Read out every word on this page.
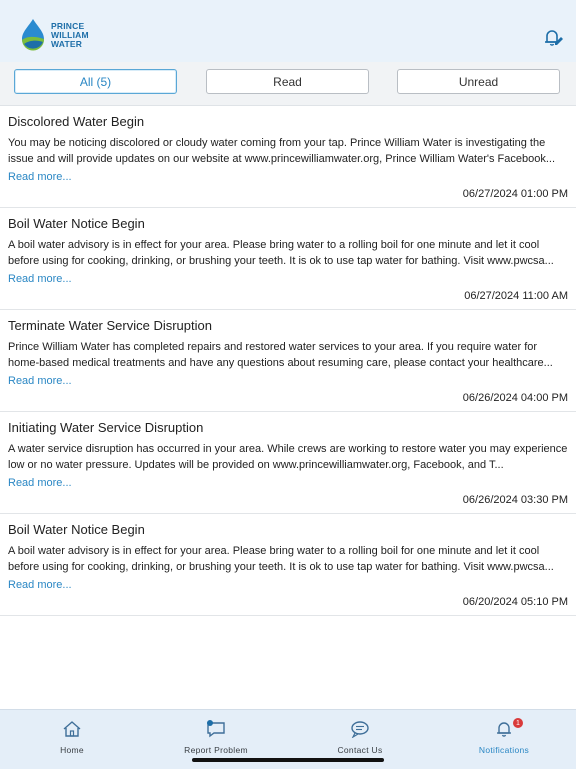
PRINCE
WILLIAM
WATER
All (5)	Read	Unread
Discolored Water Begin
You may be noticing discolored or cloudy water coming from your tap. Prince William Water is investigating the issue and will provide updates on our website at www.princewilliamwater.org, Prince William Water's Facebook...
Read more...
06/27/2024 01:00 PM
Boil Water Notice Begin
A boil water advisory is in effect for your area. Please bring water to a rolling boil for one minute and let it cool before using for cooking, drinking, or brushing your teeth. It is ok to use tap water for bathing. Visit www.pwcsa...
Read more...
06/27/2024 11:00 AM
Terminate Water Service Disruption
Prince William Water has completed repairs and restored water services to your area. If you require water for home-based medical treatments and have any questions about resuming care, please contact your healthcare...
Read more...
06/26/2024 04:00 PM
Initiating Water Service Disruption
A water service disruption has occurred in your area. While crews are working to restore water you may experience low or no water pressure. Updates will be provided on www.princewilliamwater.org, Facebook, and T...
Read more...
06/26/2024 03:30 PM
Boil Water Notice Begin
A boil water advisory is in effect for your area. Please bring water to a rolling boil for one minute and let it cool before using for cooking, drinking, or brushing your teeth. It is ok to use tap water for bathing. Visit www.pwcsa...
Read more...
06/20/2024 05:10 PM
Home	Report Problem	Contact Us
1
Notifications
